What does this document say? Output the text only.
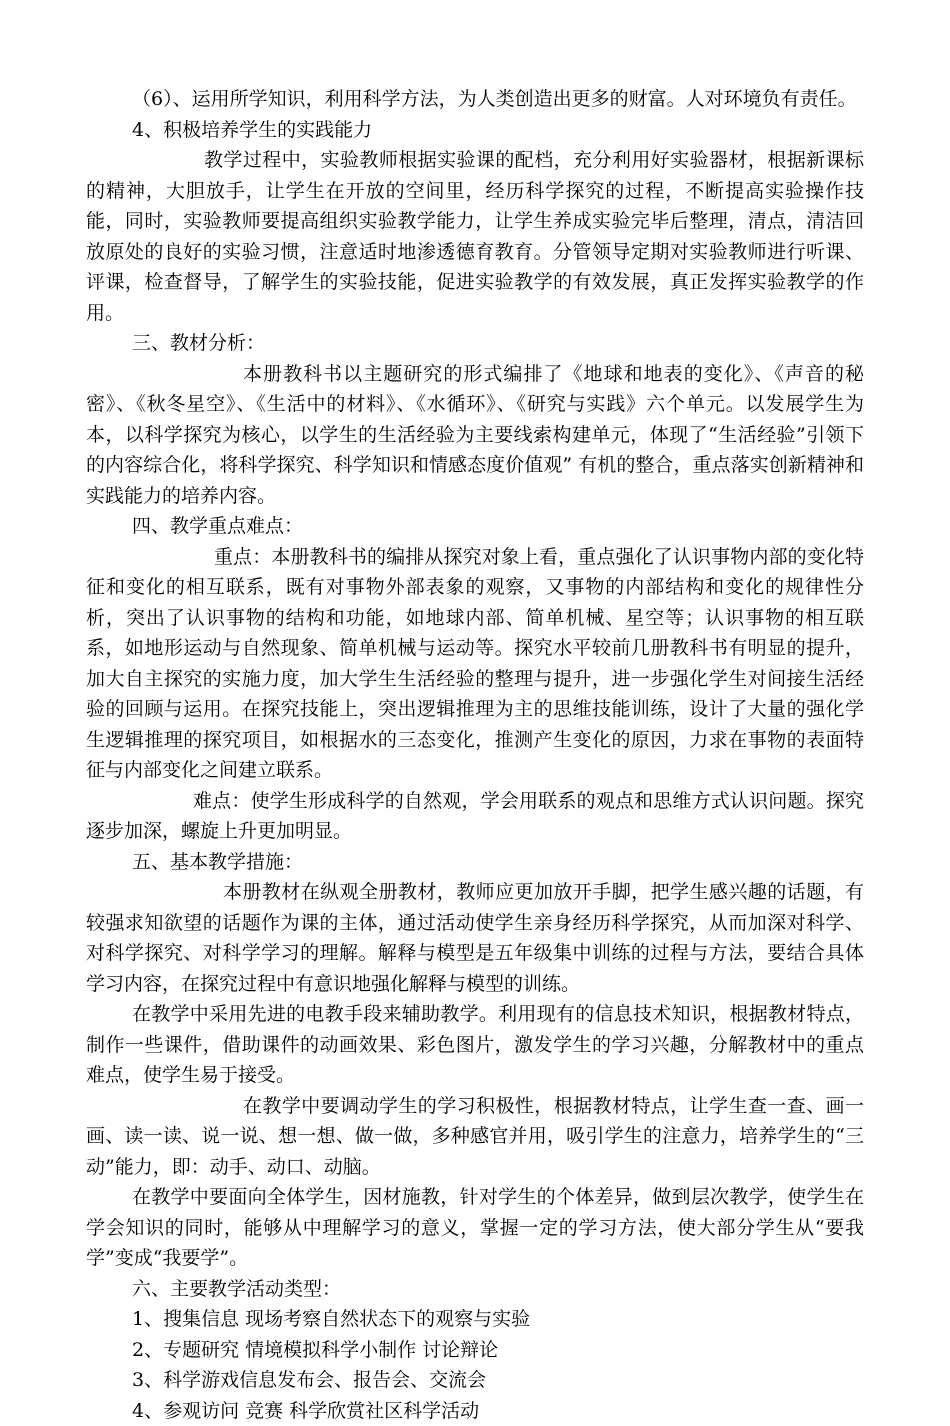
（6）、运用所学知识，利用科学方法，为人类创造出更多的财富。人对环境负有责任。

4、积极培养学生的实践能力

教学过程中，实验教师根据实验课的配档，充分利用好实验器材，根据新课标的精神，大胆放手，让学生在开放的空间里，经历科学探究的过程，不断提高实验操作技能，同时，实验教师要提高组织实验教学能力，让学生养成实验完毕后整理，清点，清洁回放原处的良好的实验习惯，注意适时地渗透德育教育。分管领导定期对实验教师进行听课、评课，检查督导，了解学生的实验技能，促进实验教学的有效发展，真正发挥实验教学的作用。

三、教材分析：

本册教科书以主题研究的形式编排了《地球和地表的变化》、《声音的秘密》、《秋冬星空》、《生活中的材料》、《水循环》、《研究与实践》六个单元。以发展学生为本，以科学探究为核心，以学生的生活经验为主要线索构建单元，体现了“生活经验”引领下的内容综合化，将科学探究、科学知识和情感态度价值观” 有机的整合，重点落实创新精神和实践能力的培养内容。

四、教学重点难点：

重点：本册教科书的编排从探究对象上看，重点强化了认识事物内部的变化特征和变化的相互联系，既有对事物外部表象的观察，又事物的内部结构和变化的规律性分析，突出了认识事物的结构和功能，如地球内部、简单机械、星空等；认识事物的相互联系，如地形运动与自然现象、简单机械与运动等。探究水平较前几册教科书有明显的提升，加大自主探究的实施力度，加大学生生活经验的整理与提升，进一步强化学生对间接生活经验的回顾与运用。在探究技能上，突出逻辑推理为主的思维技能训练，设计了大量的强化学生逻辑推理的探究项目，如根据水的三态变化，推测产生变化的原因，力求在事物的表面特征与内部变化之间建立联系。

难点：使学生形成科学的自然观，学会用联系的观点和思维方式认识问题。探究逐步加深，螺旋上升更加明显。

五、基本教学措施：

本册教材在纵观全册教材，教师应更加放开手脚，把学生感兴趣的话题，有较强求知欲望的话题作为课的主体，通过活动使学生亲身经历科学探究，从而加深对科学、对科学探究、对科学学习的理解。解释与模型是五年级集中训练的过程与方法，要结合具体学习内容，在探究过程中有意识地强化解释与模型的训练。

在教学中采用先进的电教手段来辅助教学。利用现有的信息技术知识，根据教材特点，制作一些课件，借助课件的动画效果、彩色图片，激发学生的学习兴趣，分解教材中的重点难点，使学生易于接受。

在教学中要调动学生的学习积极性，根据教材特点，让学生查一查、画一画、读一读、说一说、想一想、做一做，多种感官并用，吸引学生的注意力，培养学生的“三动”能力，即：动手、动口、动脑。

在教学中要面向全体学生，因材施教，针对学生的个体差异，做到层次教学，使学生在学会知识的同时，能够从中理解学习的意义，掌握一定的学习方法，使大部分学生从“要我学”变成“我要学”。

六、主要教学活动类型：

1、搜集信息 现场考察自然状态下的观察与实验

2、专题研究 情境模拟科学小制作 讨论辩论

3、科学游戏信息发布会、报告会、交流会

4、参观访问 竞赛 科学欣赏社区科学活动
